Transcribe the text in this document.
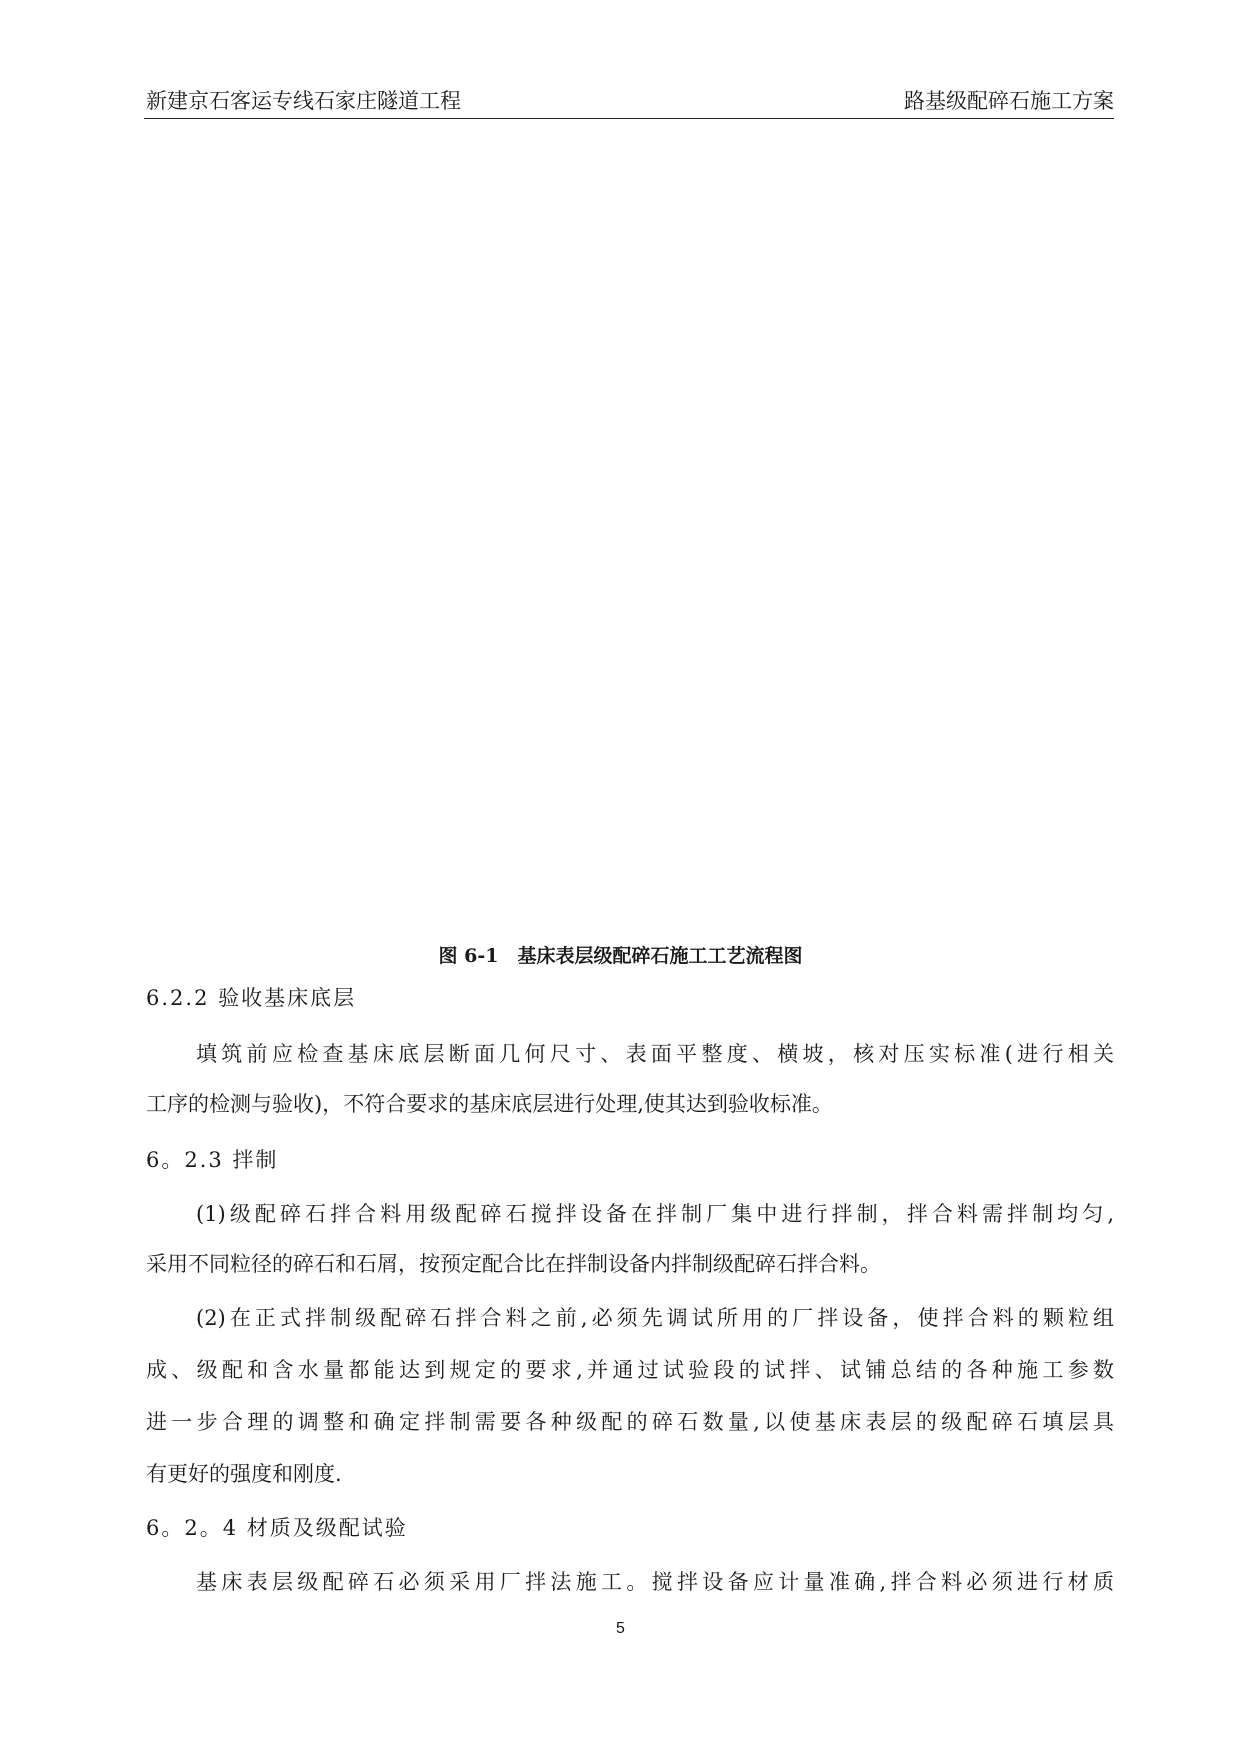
新建京石客运专线石家庄隧道工程	路基级配碎石施工方案
图 6-1　基床表层级配碎石施工工艺流程图
6.2.2 验收基床底层
填筑前应检查基床底层断面几何尺寸、表面平整度、横坡，核对压实标准(进行相关
工序的检测与验收)，不符合要求的基床底层进行处理,使其达到验收标准。
6。2.3 拌制
(1)级配碎石拌合料用级配碎石搅拌设备在拌制厂集中进行拌制，拌合料需拌制均匀,
采用不同粒径的碎石和石屑，按预定配合比在拌制设备内拌制级配碎石拌合料。
(2)在正式拌制级配碎石拌合料之前,必须先调试所用的厂拌设备，使拌合料的颗粒组
成、级配和含水量都能达到规定的要求,并通过试验段的试拌、试铺总结的各种施工参数
进一步合理的调整和确定拌制需要各种级配的碎石数量,以使基床表层的级配碎石填层具
有更好的强度和刚度.
6。2。4 材质及级配试验
基床表层级配碎石必须采用厂拌法施工。搅拌设备应计量准确,拌合料必须进行材质
5
